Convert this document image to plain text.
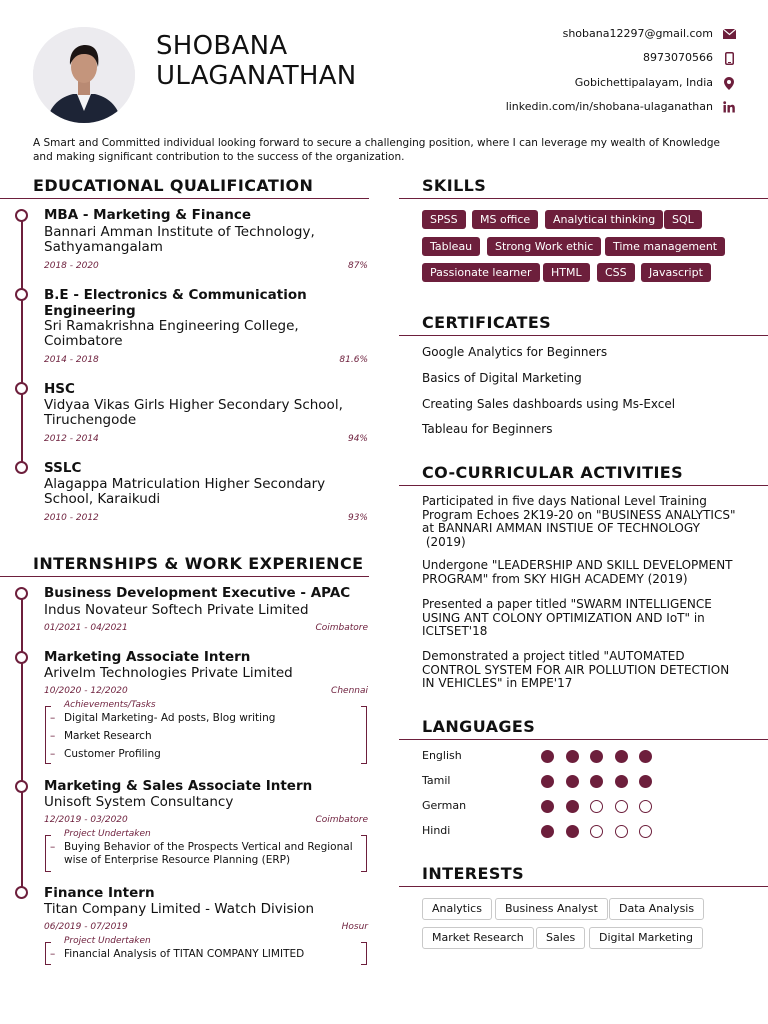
SHOBANA
ULAGANATHAN
shobana12297@gmail.com
8973070566
Gobichettipalayam, India
linkedin.com/in/shobana-ulaganathan
A Smart and Committed individual looking forward to secure a challenging position, where I can leverage my wealth of Knowledge and making significant contribution to the success of the organization.
EDUCATIONAL QUALIFICATION
MBA - Marketing & Finance
Bannari Amman Institute of Technology,
Sathyamangalam
2018 - 2020	87%
B.E - Electronics & Communication
Engineering
Sri Ramakrishna Engineering College,
Coimbatore
2014 - 2018	81.6%
HSC
Vidyaa Vikas Girls Higher Secondary School,
Tiruchengode
2012 - 2014	94%
SSLC
Alagappa Matriculation Higher Secondary
School, Karaikudi
2010 - 2012	93%
INTERNSHIPS & WORK EXPERIENCE
Business Development Executive - APAC
Indus Novateur Softech Private Limited
01/2021 - 04/2021	Coimbatore
Marketing Associate Intern
Arivelm Technologies Private Limited
10/2020 - 12/2020	Chennai
Achievements/Tasks
– Digital Marketing- Ad posts, Blog writing
– Market Research
– Customer Profiling
Marketing & Sales Associate Intern
Unisoft System Consultancy
12/2019 - 03/2020	Coimbatore
Project Undertaken
– Buying Behavior of the Prospects Vertical and Regional
wise of Enterprise Resource Planning (ERP)
Finance Intern
Titan Company Limited - Watch Division
06/2019 - 07/2019	Hosur
Project Undertaken
– Financial Analysis of TITAN COMPANY LIMITED
SKILLS
SPSS	MS office	Analytical thinking	SQL
Tableau	Strong Work ethic	Time management
Passionate learner	HTML	CSS	Javascript
CERTIFICATES
Google Analytics for Beginners
Basics of Digital Marketing
Creating Sales dashboards using Ms-Excel
Tableau for Beginners
CO-CURRICULAR ACTIVITIES
Participated in five days National Level Training
Program Echoes 2K19-20 on "BUSINESS ANALYTICS"
at BANNARI AMMAN INSTIUE OF TECHNOLOGY
(2019)
Undergone "LEADERSHIP AND SKILL DEVELOPMENT
PROGRAM" from SKY HIGH ACADEMY (2019)
Presented a paper titled "SWARM INTELLIGENCE
USING ANT COLONY OPTIMIZATION AND IoT" in
ICLTSET'18
Demonstrated a project titled "AUTOMATED
CONTROL SYSTEM FOR AIR POLLUTION DETECTION
IN VEHICLES" in EMPE'17
LANGUAGES
English
Tamil
German
Hindi
INTERESTS
Analytics	Business Analyst	Data Analysis
Market Research	Sales	Digital Marketing
